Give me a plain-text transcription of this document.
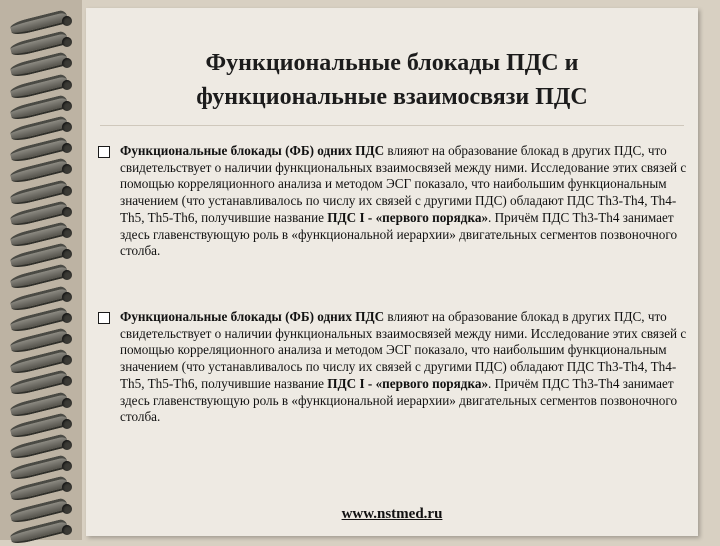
Функциональные блокады ПДС и
функциональные взаимосвязи ПДС
Функциональные блокады (ФБ) одних ПДС влияют на образование блокад в других ПДС, что свидетельствует о наличии функциональных взаимосвязей между ними. Исследование этих связей с помощью корреляционного анализа и методом ЭСГ показало, что наибольшим функциональным значением (что устанавливалось по числу их связей с другими ПДС) обладают ПДС Th3-Th4, Th4-Th5, Th5-Th6, получившие название ПДС I - «первого порядка». Причём ПДС Th3-Th4 занимает здесь главенствующую роль в «функциональной иерархии» двигательных сегментов позвоночного столба.
Функциональные блокады (ФБ) одних ПДС влияют на образование блокад в других ПДС, что свидетельствует о наличии функциональных взаимосвязей между ними. Исследование этих связей с помощью корреляционного анализа и методом ЭСГ показало, что наибольшим функциональным значением (что устанавливалось по числу их связей с другими ПДС) обладают ПДС Th3-Th4, Th4-Th5, Th5-Th6, получившие название ПДС I - «первого порядка». Причём ПДС Th3-Th4 занимает здесь главенствующую роль в «функциональной иерархии» двигательных сегментов позвоночного столба.
www.nstmed.ru
